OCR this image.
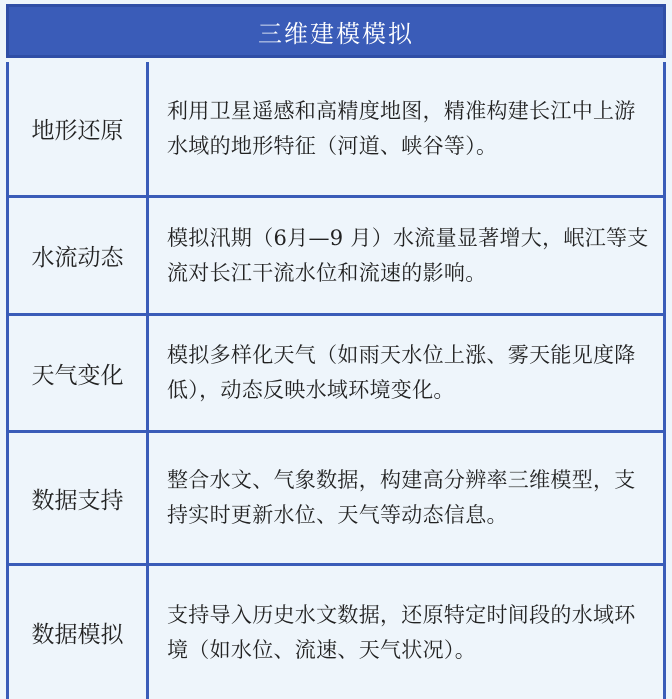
三维建模模拟
地形还原
利用卫星遥感和高精度地图，精准构建长江中上游水域的地形特征（河道、峡谷等）。
水流动态
模拟汛期（6月—9 月）水流量显著增大，岷江等支流对长江干流水位和流速的影响。
天气变化
模拟多样化天气（如雨天水位上涨、雾天能见度降低），动态反映水域环境变化。
数据支持
整合水文、气象数据，构建高分辨率三维模型，支持实时更新水位、天气等动态信息。
数据模拟
支持导入历史水文数据，还原特定时间段的水域环境（如水位、流速、天气状况）。
